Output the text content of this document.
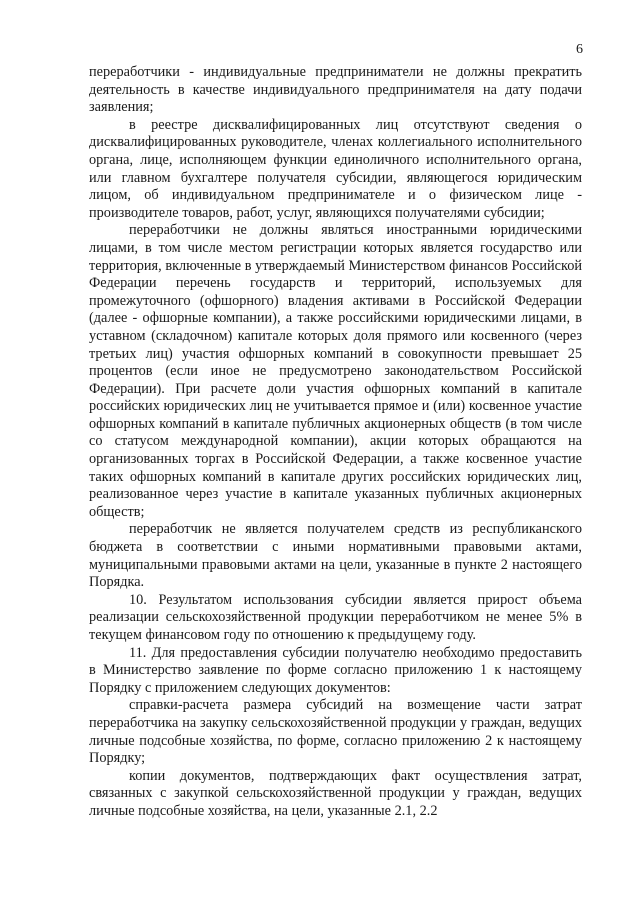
6

переработчики - индивидуальные предприниматели не должны прекратить деятельность в качестве индивидуального предпринимателя на дату подачи заявления;

в реестре дисквалифицированных лиц отсутствуют сведения о дисквалифицированных руководителе, членах коллегиального исполнительного органа, лице, исполняющем функции единоличного исполнительного органа, или главном бухгалтере получателя субсидии, являющегося юридическим лицом, об индивидуальном предпринимателе и о физическом лице - производителе товаров, работ, услуг, являющихся получателями субсидии;

переработчики не должны являться иностранными юридическими лицами, в том числе местом регистрации которых является государство или территория, включенные в утверждаемый Министерством финансов Российской Федерации перечень государств и территорий, используемых для промежуточного (офшорного) владения активами в Российской Федерации (далее - офшорные компании), а также российскими юридическими лицами, в уставном (складочном) капитале которых доля прямого или косвенного (через третьих лиц) участия офшорных компаний в совокупности превышает 25 процентов (если иное не предусмотрено законодательством Российской Федерации). При расчете доли участия офшорных компаний в капитале российских юридических лиц не учитывается прямое и (или) косвенное участие офшорных компаний в капитале публичных акционерных обществ (в том числе со статусом международной компании), акции которых обращаются на организованных торгах в Российской Федерации, а также косвенное участие таких офшорных компаний в капитале других российских юридических лиц, реализованное через участие в капитале указанных публичных акционерных обществ;

переработчик не является получателем средств из республиканского бюджета в соответствии с иными нормативными правовыми актами, муниципальными правовыми актами на цели, указанные в пункте 2 настоящего Порядка.

10. Результатом использования субсидии является прирост объема реализации сельскохозяйственной продукции переработчиком не менее 5% в текущем финансовом году по отношению к предыдущему году.

11. Для предоставления субсидии получателю необходимо предоставить в Министерство заявление по форме согласно приложению 1 к настоящему Порядку с приложением следующих документов:

справки-расчета размера субсидий на возмещение части затрат переработчика на закупку сельскохозяйственной продукции у граждан, ведущих личные подсобные хозяйства, по форме, согласно приложению 2 к настоящему Порядку;

копии документов, подтверждающих факт осуществления затрат, связанных с закупкой сельскохозяйственной продукции у граждан, ведущих личные подсобные хозяйства, на цели, указанные 2.1, 2.2
